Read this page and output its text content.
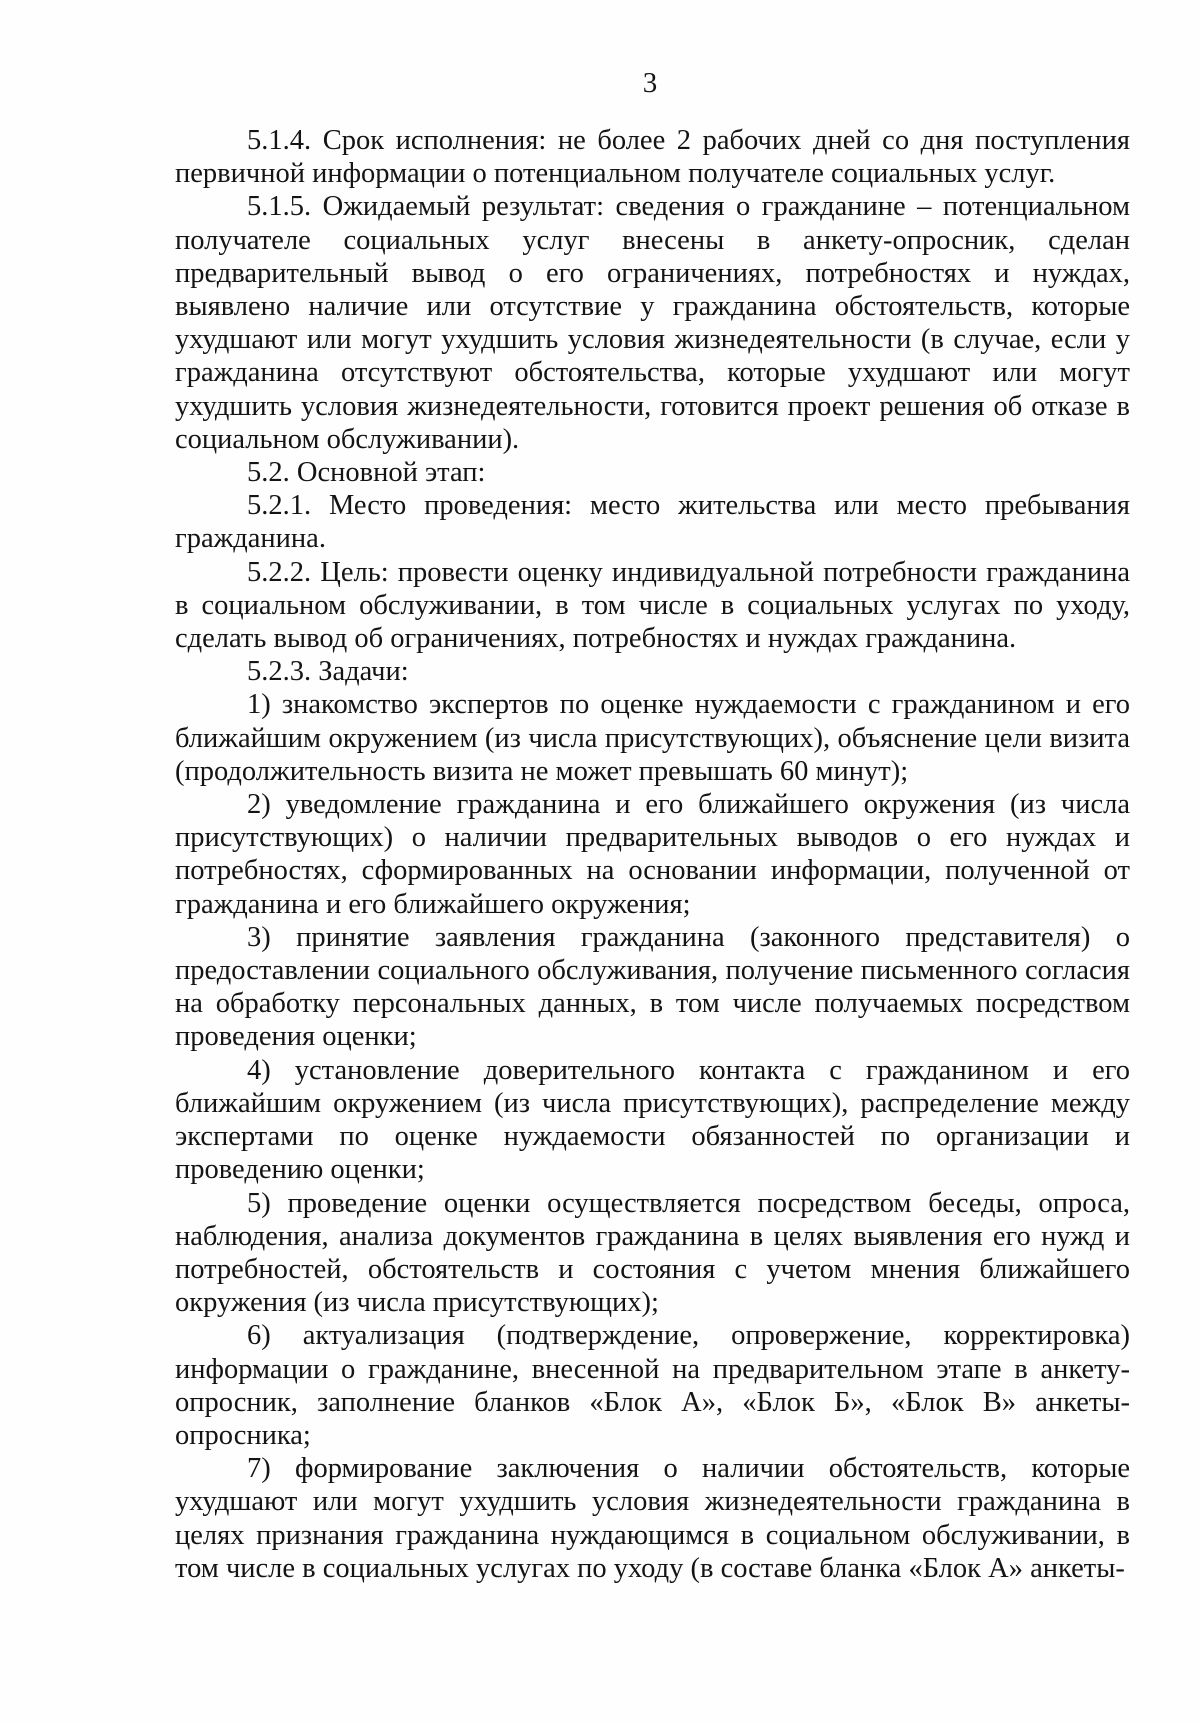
3

5.1.4. Срок исполнения: не более 2 рабочих дней со дня поступления первичной информации о потенциальном получателе социальных услуг.

5.1.5. Ожидаемый результат: сведения о гражданине – потенциальном получателе социальных услуг внесены в анкету-опросник, сделан предварительный вывод о его ограничениях, потребностях и нуждах, выявлено наличие или отсутствие у гражданина обстоятельств, которые ухудшают или могут ухудшить условия жизнедеятельности (в случае, если у гражданина отсутствуют обстоятельства, которые ухудшают или могут ухудшить условия жизнедеятельности, готовится проект решения об отказе в социальном обслуживании).

5.2. Основной этап:

5.2.1. Место проведения: место жительства или место пребывания гражданина.

5.2.2. Цель: провести оценку индивидуальной потребности гражданина в социальном обслуживании, в том числе в социальных услугах по уходу, сделать вывод об ограничениях, потребностях и нуждах гражданина.

5.2.3. Задачи:

1) знакомство экспертов по оценке нуждаемости с гражданином и его ближайшим окружением (из числа присутствующих), объяснение цели визита (продолжительность визита не может превышать 60 минут);

2) уведомление гражданина и его ближайшего окружения (из числа присутствующих) о наличии предварительных выводов о его нуждах и потребностях, сформированных на основании информации, полученной от гражданина и его ближайшего окружения;

3) принятие заявления гражданина (законного представителя) о предоставлении социального обслуживания, получение письменного согласия на обработку персональных данных, в том числе получаемых посредством проведения оценки;

4) установление доверительного контакта с гражданином и его ближайшим окружением (из числа присутствующих), распределение между экспертами по оценке нуждаемости обязанностей по организации и проведению оценки;

5) проведение оценки осуществляется посредством беседы, опроса, наблюдения, анализа документов гражданина в целях выявления его нужд и потребностей, обстоятельств и состояния с учетом мнения ближайшего окружения (из числа присутствующих);

6) актуализация (подтверждение, опровержение, корректировка) информации о гражданине, внесенной на предварительном этапе в анкету-опросник, заполнение бланков «Блок А», «Блок Б», «Блок В» анкеты-опросника;

7) формирование заключения о наличии обстоятельств, которые ухудшают или могут ухудшить условия жизнедеятельности гражданина в целях признания гражданина нуждающимся в социальном обслуживании, в том числе в социальных услугах по уходу (в составе бланка «Блок А» анкеты-
